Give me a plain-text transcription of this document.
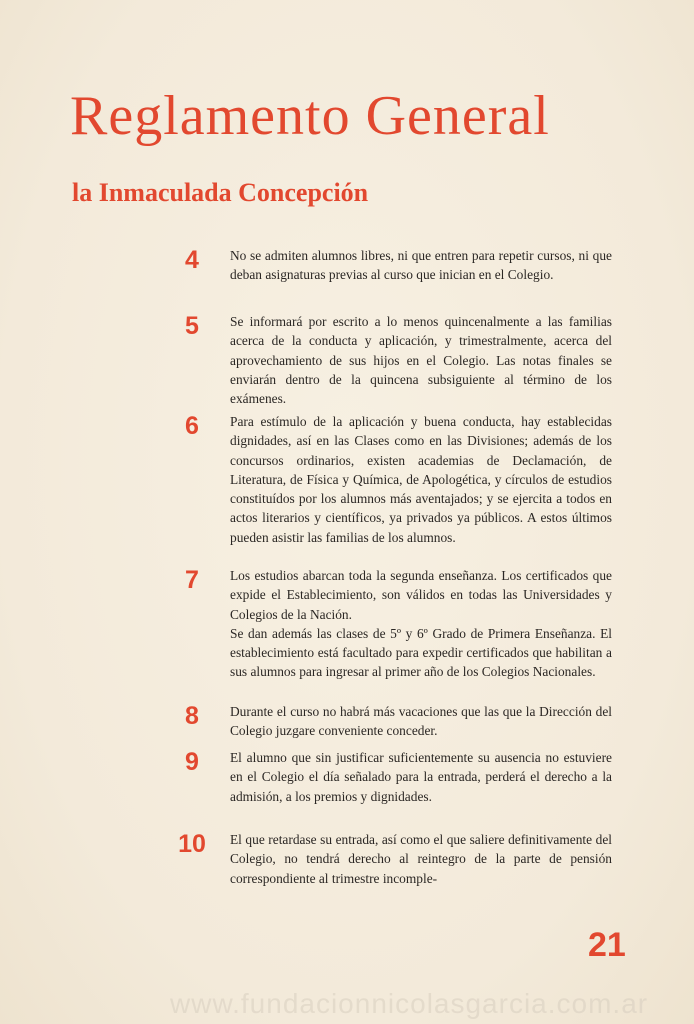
Reglamento General
la Inmaculada Concepción
4	No se admiten alumnos libres, ni que entren para repetir cursos, ni que deban asignaturas previas al curso que inician en el Colegio.

5	Se informará por escrito a lo menos quincenalmente a las familias acerca de la conducta y aplicación, y trimestralmente, acerca del aprovechamiento de sus hijos en el Colegio. Las notas finales se enviarán dentro de la quincena subsiguiente al término de los exámenes.

6	Para estímulo de la aplicación y buena conducta, hay establecidas dignidades, así en las Clases como en las Divisiones; además de los concursos ordinarios, existen academias de Declamación, de Literatura, de Física y Química, de Apologética, y círculos de estudios constituídos por los alumnos más aventajados; y se ejercita a todos en actos literarios y científicos, ya privados ya públicos. A estos últimos pueden asistir las familias de los alumnos.

7	Los estudios abarcan toda la segunda enseñanza. Los certificados que expide el Establecimiento, son válidos en todas las Universidades y Colegios de la Nación.

Se dan además las clases de 5º y 6º Grado de Primera Enseñanza. El establecimiento está facultado para expedir certificados que habilitan a sus alumnos para ingresar al primer año de los Colegios Nacionales.

8	Durante el curso no habrá más vacaciones que las que la Dirección del Colegio juzgare conveniente conceder.

9	El alumno que sin justificar suficientemente su ausencia no estuviere en el Colegio el día señalado para la entrada, perderá el derecho a la admisión, a los premios y dignidades.

10	El que retardase su entrada, así como el que saliere definitivamente del Colegio, no tendrá derecho al reintegro de la parte de pensión correspondiente al trimestre incomple-

21
www.fundacionnicolasgarcia.com.ar
